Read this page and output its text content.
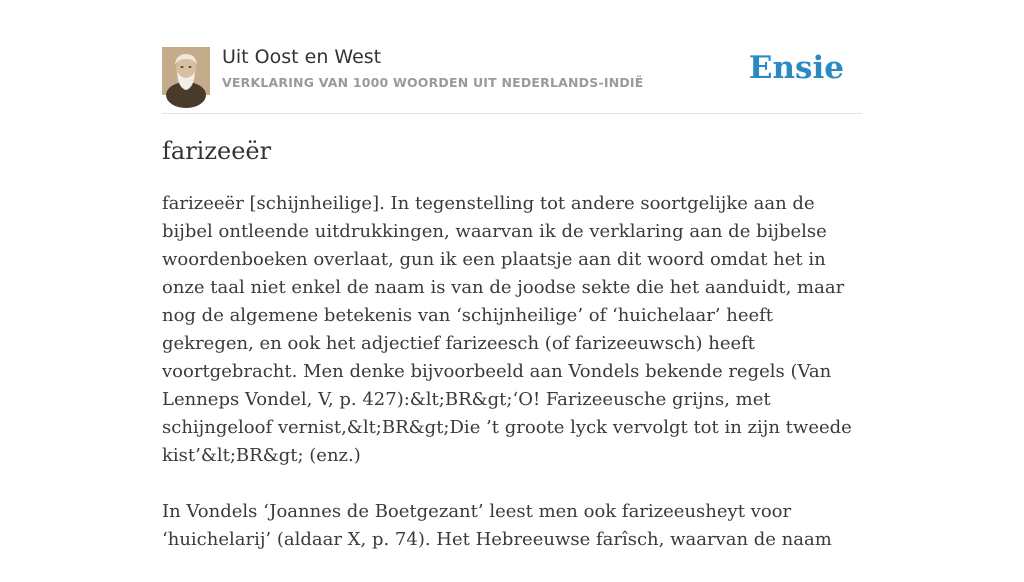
Uit Oost en West
VERKLARING VAN 1000 WOORDEN UIT NEDERLANDS-INDIË	Ensie
farizeeër

farizeeër [schijnheilige]. In tegenstelling tot andere soortgelijke aan de bijbel ontleende uitdrukkingen, waarvan ik de verklaring aan de bijbelse woordenboeken overlaat, gun ik een plaatsje aan dit woord omdat het in onze taal niet enkel de naam is van de joodse sekte die het aanduidt, maar nog de algemene betekenis van ‘schijnheilige’ of ‘huichelaar’ heeft gekregen, en ook het adjectief farizeesch (of farizeeuwsch) heeft voortgebracht. Men denke bijvoorbeeld aan Vondels bekende regels (Van Lenneps Vondel, V, p. 427):&lt;BR&gt;‘O! Farizeeusche grijns, met schijngeloof vernist,&lt;BR&gt;Die ’t groote lyck vervolgt tot in zijn tweede kist’&lt;BR&gt; (enz.)

In Vondels ‘Joannes de Boetgezant’ leest men ook farizeeusheyt voor ‘huichelarij’ (aldaar X, p. 74). Het Hebreeuwse farîsch, waarvan de naam
